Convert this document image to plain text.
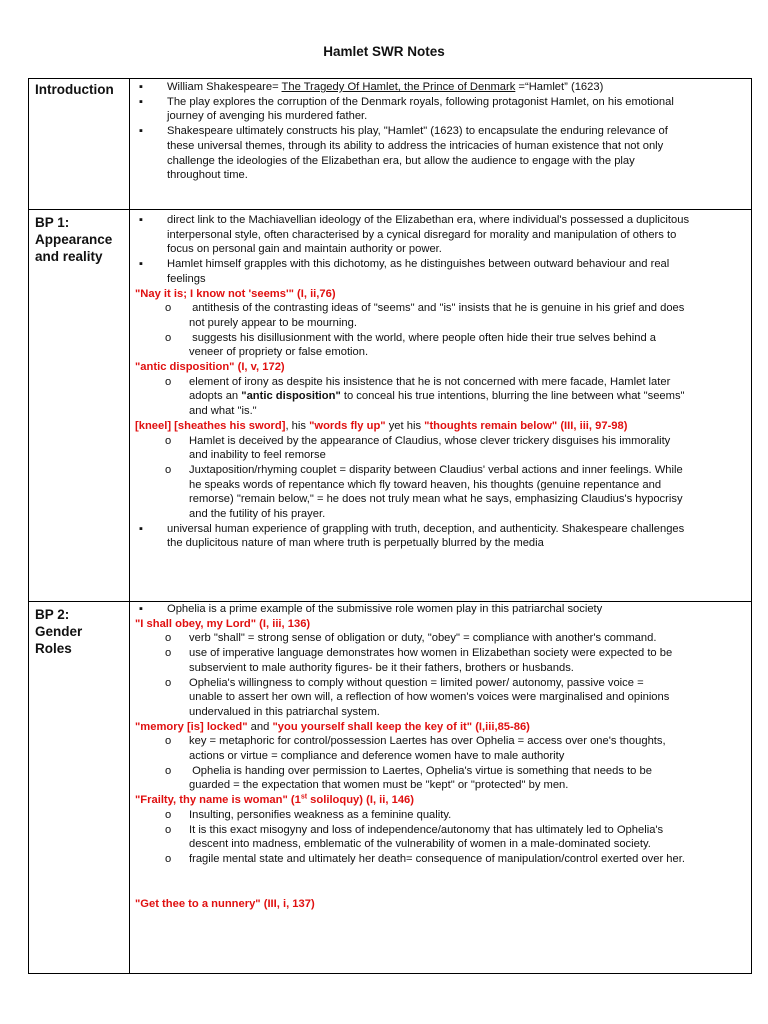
Hamlet SWR Notes
Introduction	▪ William Shakespeare= The Tragedy Of Hamlet, the Prince of Denmark =“Hamlet” (1623)
▪ The play explores the corruption of the Denmark royals, following protagonist Hamlet, on his emotional
journey of avenging his murdered father.
▪ Shakespeare ultimately constructs his play, "Hamlet" (1623) to encapsulate the enduring relevance of
these universal themes, through its ability to address the intricacies of human existence that not only
challenge the ideologies of the Elizabethan era, but allow the audience to engage with the play
throughout time.
BP 1:
Appearance
and reality
▪ direct link to the Machiavellian ideology of the Elizabethan era, where individual's possessed a duplicitous
interpersonal style, often characterised by a cynical disregard for morality and manipulation of others to
focus on personal gain and maintain authority or power.
▪ Hamlet himself grapples with this dichotomy, as he distinguishes between outward behaviour and real
feelings
"Nay it is; I know not 'seems'" (I, ii,76)
o antithesis of the contrasting ideas of "seems" and "is" insists that he is genuine in his grief and does
not purely appear to be mourning.
o suggests his disillusionment with the world, where people often hide their true selves behind a
veneer of propriety or false emotion.
"antic disposition" (I, v, 172)
o element of irony as despite his insistence that he is not concerned with mere facade, Hamlet later
adopts an "antic disposition" to conceal his true intentions, blurring the line between what "seems"
and what "is."
[kneel] [sheathes his sword], his "words fly up" yet his "thoughts remain below" (III, iii, 97-98)
o Hamlet is deceived by the appearance of Claudius, whose clever trickery disguises his immorality
and inability to feel remorse
o Juxtaposition/rhyming couplet = disparity between Claudius' verbal actions and inner feelings. While
he speaks words of repentance which fly toward heaven, his thoughts (genuine repentance and
remorse) "remain below," = he does not truly mean what he says, emphasizing Claudius's hypocrisy
and the futility of his prayer.
▪ universal human experience of grappling with truth, deception, and authenticity. Shakespeare challenges
the duplicitous nature of man where truth is perpetually blurred by the media
BP 2:
Gender
Roles
▪ Ophelia is a prime example of the submissive role women play in this patriarchal society
"I shall obey, my Lord" (I, iii, 136)
o verb "shall" = strong sense of obligation or duty, "obey" = compliance with another's command.
o use of imperative language demonstrates how women in Elizabethan society were expected to be
subservient to male authority figures- be it their fathers, brothers or husbands.
o Ophelia's willingness to comply without question = limited power/ autonomy, passive voice =
unable to assert her own will, a reflection of how women's voices were marginalised and opinions
undervalued in this patriarchal system.
"memory [is] locked" and "you yourself shall keep the key of it" (I,iii,85-86)
o key = metaphoric for control/possession Laertes has over Ophelia = access over one's thoughts,
actions or virtue = compliance and deference women have to male authority
o Ophelia is handing over permission to Laertes, Ophelia's virtue is something that needs to be
guarded = the expectation that women must be "kept" or "protected" by men.
"Frailty, thy name is woman" (1st soliloquy) (I, ii, 146)
o Insulting, personifies weakness as a feminine quality.
o It is this exact misogyny and loss of independence/autonomy that has ultimately led to Ophelia's
descent into madness, emblematic of the vulnerability of women in a male-dominated society.
o fragile mental state and ultimately her death= consequence of manipulation/control exerted over her.
"Get thee to a nunnery" (III, i, 137)
